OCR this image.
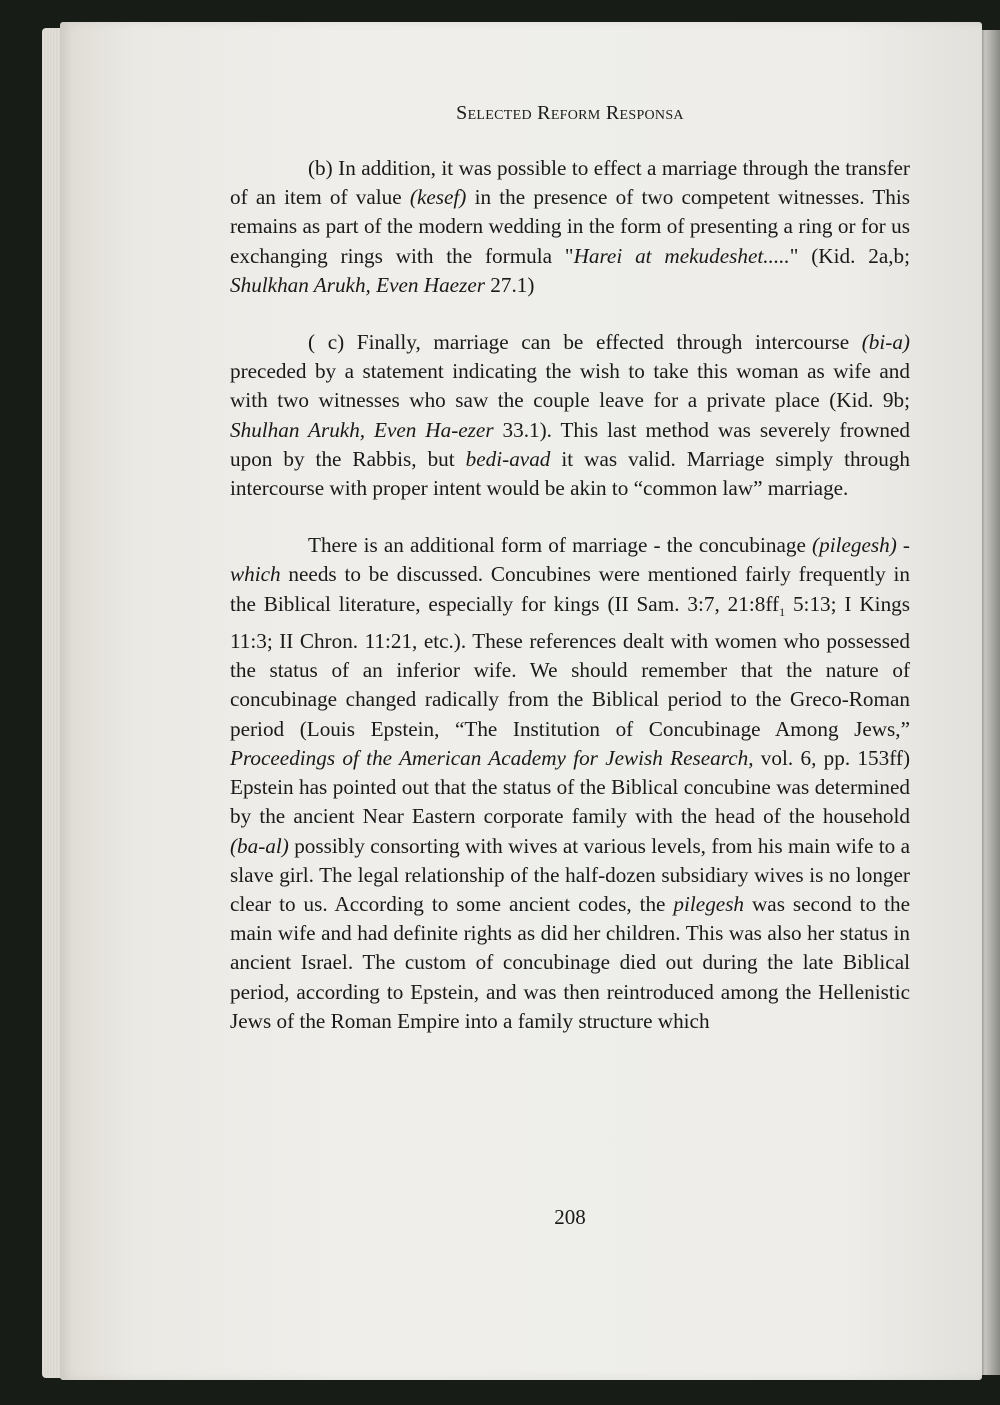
Selected Reform Responsa

(b) In addition, it was possible to effect a marriage through the transfer of an item of value (kesef) in the presence of two competent witnesses. This remains as part of the modern wedding in the form of presenting a ring or for us exchanging rings with the formula "Harei at mekudeshet....." (Kid. 2a,b; Shulkhan Arukh, Even Haezer 27.1)

( c) Finally, marriage can be effected through intercourse (bi-a) preceded by a statement indicating the wish to take this woman as wife and with two witnesses who saw the couple leave for a private place (Kid. 9b; Shulhan Arukh, Even Ha-ezer 33.1). This last method was severely frowned upon by the Rabbis, but bedi-avad it was valid. Marriage simply through intercourse with proper intent would be akin to “common law” marriage.

There is an additional form of marriage - the concubinage (pilegesh) -which needs to be discussed. Concubines were mentioned fairly frequently in the Biblical literature, especially for kings (II Sam. 3:7, $21:8ff_1$ 5:13; I Kings 11:3; II Chron. 11:21, etc.). These references dealt with women who possessed the status of an inferior wife. We should remember that the nature of concubinage changed radically from the Biblical period to the Greco-Roman period (Louis Epstein, “The Institution of Concubinage Among Jews,” Proceedings of the American Academy for Jewish Research, vol. 6, pp. 153ff) Epstein has pointed out that the status of the Biblical concubine was determined by the ancient Near Eastern corporate family with the head of the household (ba-al) possibly consorting with wives at various levels, from his main wife to a slave girl. The legal relationship of the half-dozen subsidiary wives is no longer clear to us. According to some ancient codes, the pilegesh was second to the main wife and had definite rights as did her children. This was also her status in ancient Israel. The custom of concubinage died out during the late Biblical period, according to Epstein, and was then reintroduced among the Hellenistic Jews of the Roman Empire into a family structure which

208
